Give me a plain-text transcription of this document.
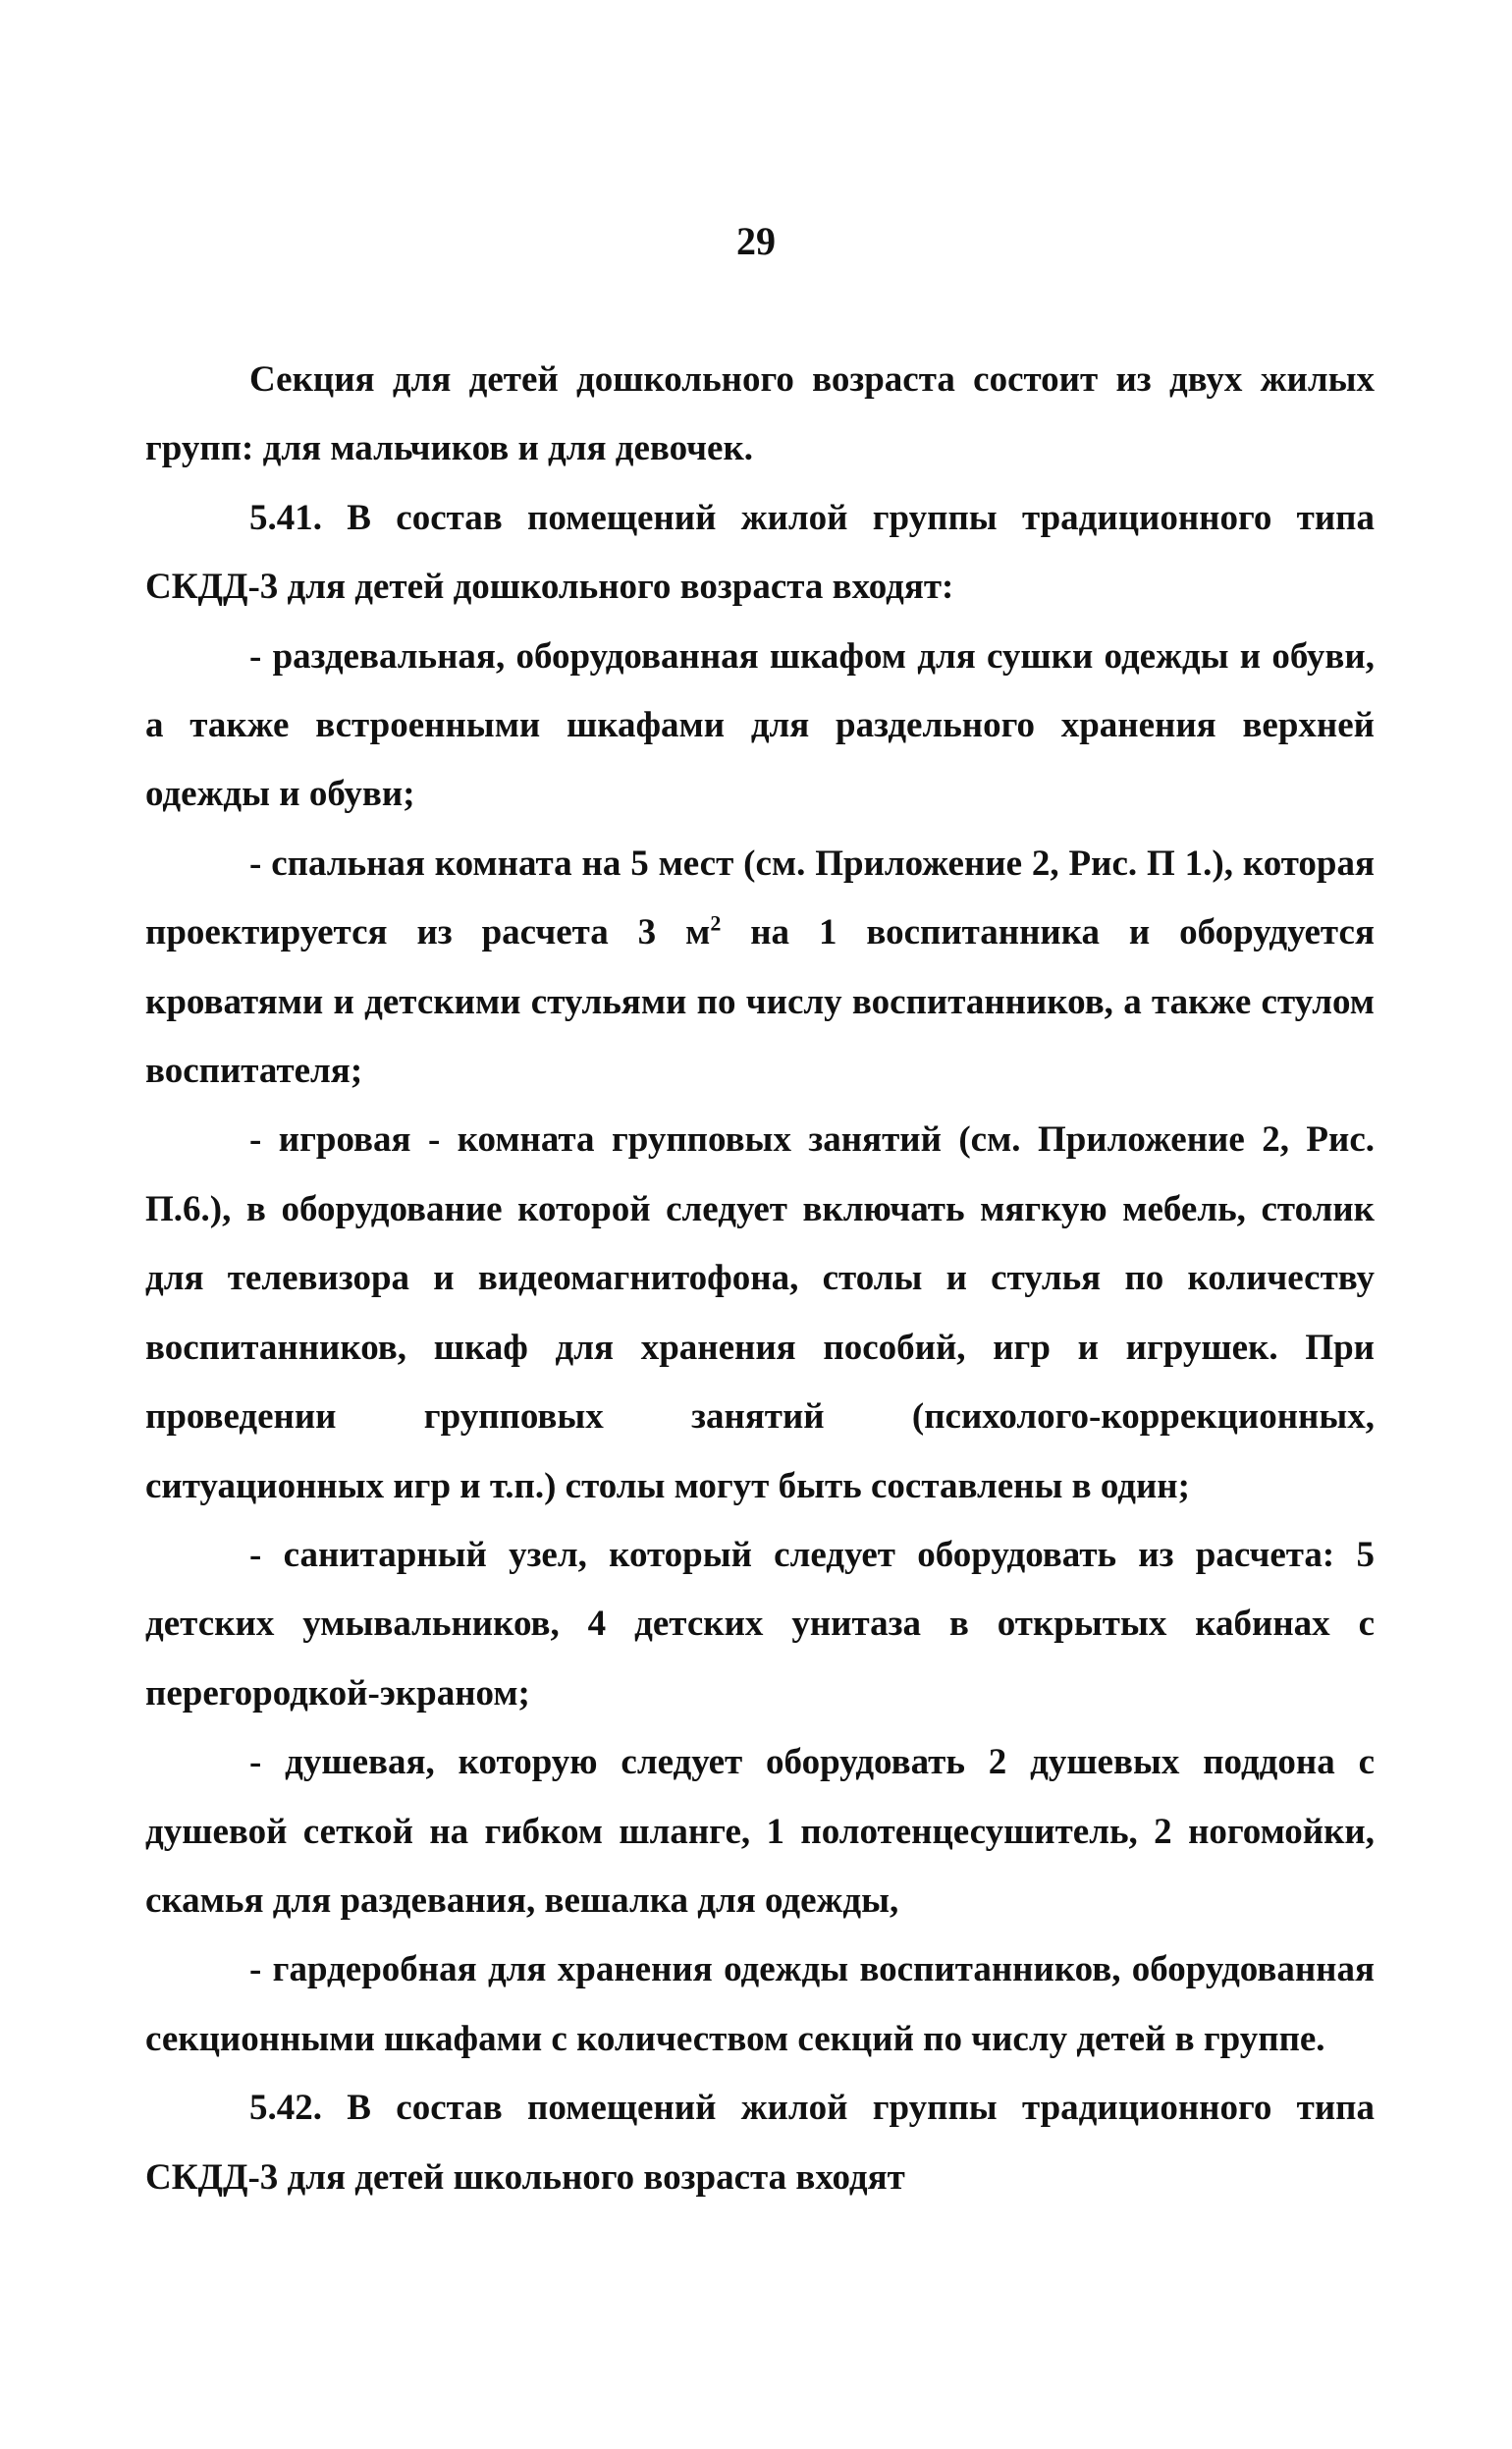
29

Секция для детей дошкольного возраста состоит из двух жилых групп: для мальчиков и для девочек.

5.41. В состав помещений жилой группы традиционного типа СКДД-3 для детей дошкольного возраста входят:

- раздевальная, оборудованная шкафом для сушки одежды и обуви, а также встроенными шкафами для раздельного хранения верхней одежды и обуви;

- спальная комната на 5 мест (см. Приложение 2, Рис. П 1.), которая проектируется из расчета 3 $м^2$ на 1 воспитанника и оборудуется кроватями и детскими стульями по числу воспитанников, а также стулом воспитателя;

- игровая - комната групповых занятий (см. Приложение 2, Рис. П.6.), в оборудование которой следует включать мягкую мебель, столик для телевизора и видеомагнитофона, столы и стулья по количеству воспитанников, шкаф для хранения пособий, игр и игрушек. При проведении групповых занятий (психолого-коррекционных, ситуационных игр и т.п.) столы могут быть составлены в один;

- санитарный узел, который следует оборудовать из расчета: 5 детских умывальников, 4 детских унитаза в открытых кабинах с перегородкой-экраном;

- душевая, которую следует оборудовать 2 душевых поддона с душевой сеткой на гибком шланге, 1 полотенцесушитель, 2 ногомойки, скамья для раздевания, вешалка для одежды,

- гардеробная для хранения одежды воспитанников, оборудованная секционными шкафами с количеством секций по числу детей в группе.

5.42. В состав помещений жилой группы традиционного типа СКДД-3 для детей школьного возраста входят
